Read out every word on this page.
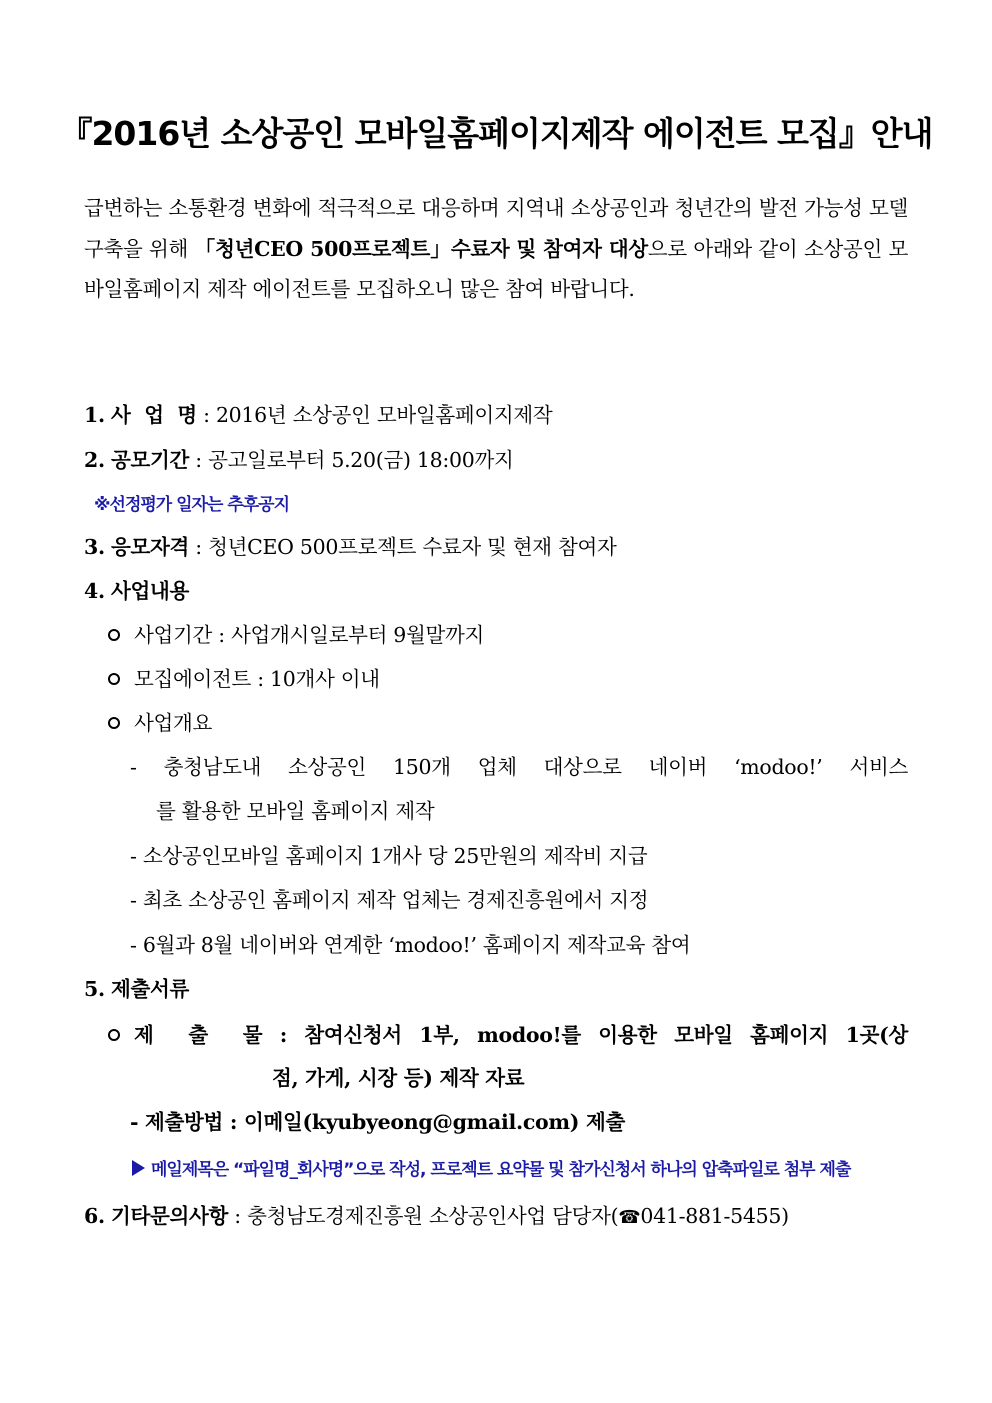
『2016년 소상공인 모바일홈페이지제작 에이전트 모집』안내
급변하는 소통환경 변화에 적극적으로 대응하며 지역내 소상공인과 청년간의 발전 가능성 모델 구축을 위해 「청년CEO 500프로젝트」수료자 및 참여자 대상으로 아래와 같이 소상공인 모바일홈페이지 제작 에이전트를 모집하오니 많은 참여 바랍니다.
1. 사  업  명 : 2016년 소상공인 모바일홈페이지제작
2. 공모기간 : 공고일로부터 5.20(금) 18:00까지
※선정평가 일자는 추후공지
3. 응모자격 : 청년CEO 500프로젝트 수료자 및 현재 참여자
4. 사업내용
사업기간 : 사업개시일로부터 9월말까지
모집에이전트 : 10개사 이내
사업개요
- 충청남도내 소상공인 150개 업체 대상으로 네이버 ‘modoo!’ 서비스
를 활용한 모바일 홈페이지 제작
- 소상공인모바일 홈페이지 1개사 당 25만원의 제작비 지급
- 최초 소상공인 홈페이지 제작 업체는 경제진흥원에서 지정
- 6월과 8월 네이버와 연계한 ‘modoo!’ 홈페이지 제작교육 참여
5. 제출서류
제  출  물 : 참여신청서 1부, modoo!를 이용한 모바일 홈페이지 1곳(상
점, 가게, 시장 등) 제작 자료
- 제출방법 : 이메일(kyubyeong@gmail.com) 제출
메일제목은 “파일명_회사명”으로 작성, 프로젝트 요약물 및 참가신청서 하나의 압축파일로 첨부 제출
6. 기타문의사항 : 충청남도경제진흥원 소상공인사업 담당자(☎041-881-5455)
